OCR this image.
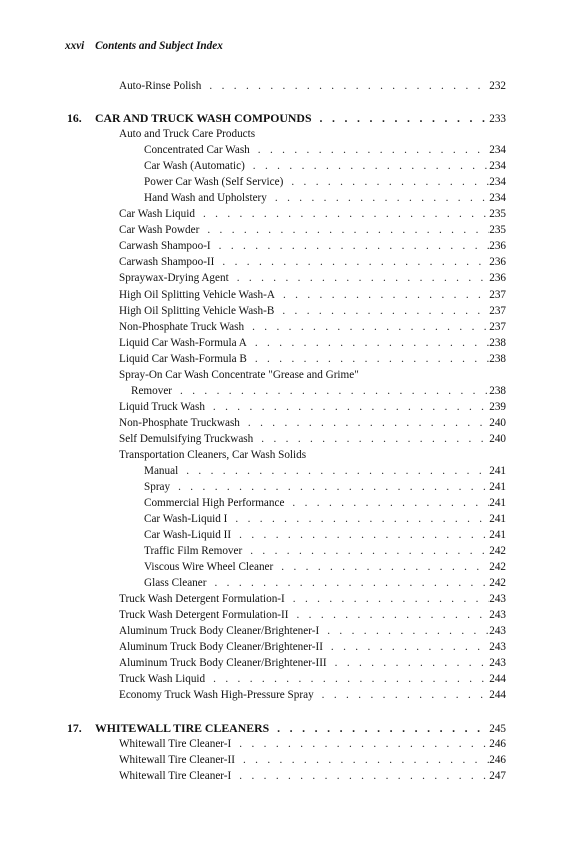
xxvi Contents and Subject Index
Auto-Rinse Polish . . .	232
16. CAR AND TRUCK WASH COMPOUNDS . . .	233
Auto and Truck Care Products
Concentrated Car Wash . . .	234
Car Wash (Automatic) . . .	234
Power Car Wash (Self Service) . . .	234
Hand Wash and Upholstery . . .	234
Car Wash Liquid . . .	235
Car Wash Powder . . .	235
Carwash Shampoo-I . . .	236
Carwash Shampoo-II . . .	236
Spraywax-Drying Agent . . .	236
High Oil Splitting Vehicle Wash-A . . .	237
High Oil Splitting Vehicle Wash-B . . .	237
Non-Phosphate Truck Wash . . .	237
Liquid Car Wash-Formula A . . .	238
Liquid Car Wash-Formula B . . .	238
Spray-On Car Wash Concentrate "Grease and Grime"
Remover . . .	238
Liquid Truck Wash . . .	239
Non-Phosphate Truckwash . . .	240
Self Demulsifying Truckwash . . .	240
Transportation Cleaners, Car Wash Solids
Manual . . .	241
Spray . . .	241
Commercial High Performance . . .	241
Car Wash-Liquid I . . .	241
Car Wash-Liquid II . . .	241
Traffic Film Remover . . .	242
Viscous Wire Wheel Cleaner . . .	242
Glass Cleaner . . .	242
Truck Wash Detergent Formulation-I . . .	243
Truck Wash Detergent Formulation-II . . .	243
Aluminum Truck Body Cleaner/Brightener-I . . .	243
Aluminum Truck Body Cleaner/Brightener-II . . .	243
Aluminum Truck Body Cleaner/Brightener-III . . .	243
Truck Wash Liquid . . .	244
Economy Truck Wash High-Pressure Spray . . .	244
17. WHITEWALL TIRE CLEANERS . . .	245
Whitewall Tire Cleaner-I . . .	246
Whitewall Tire Cleaner-II . . .	246
Whitewall Tire Cleaner-I . . .	247
